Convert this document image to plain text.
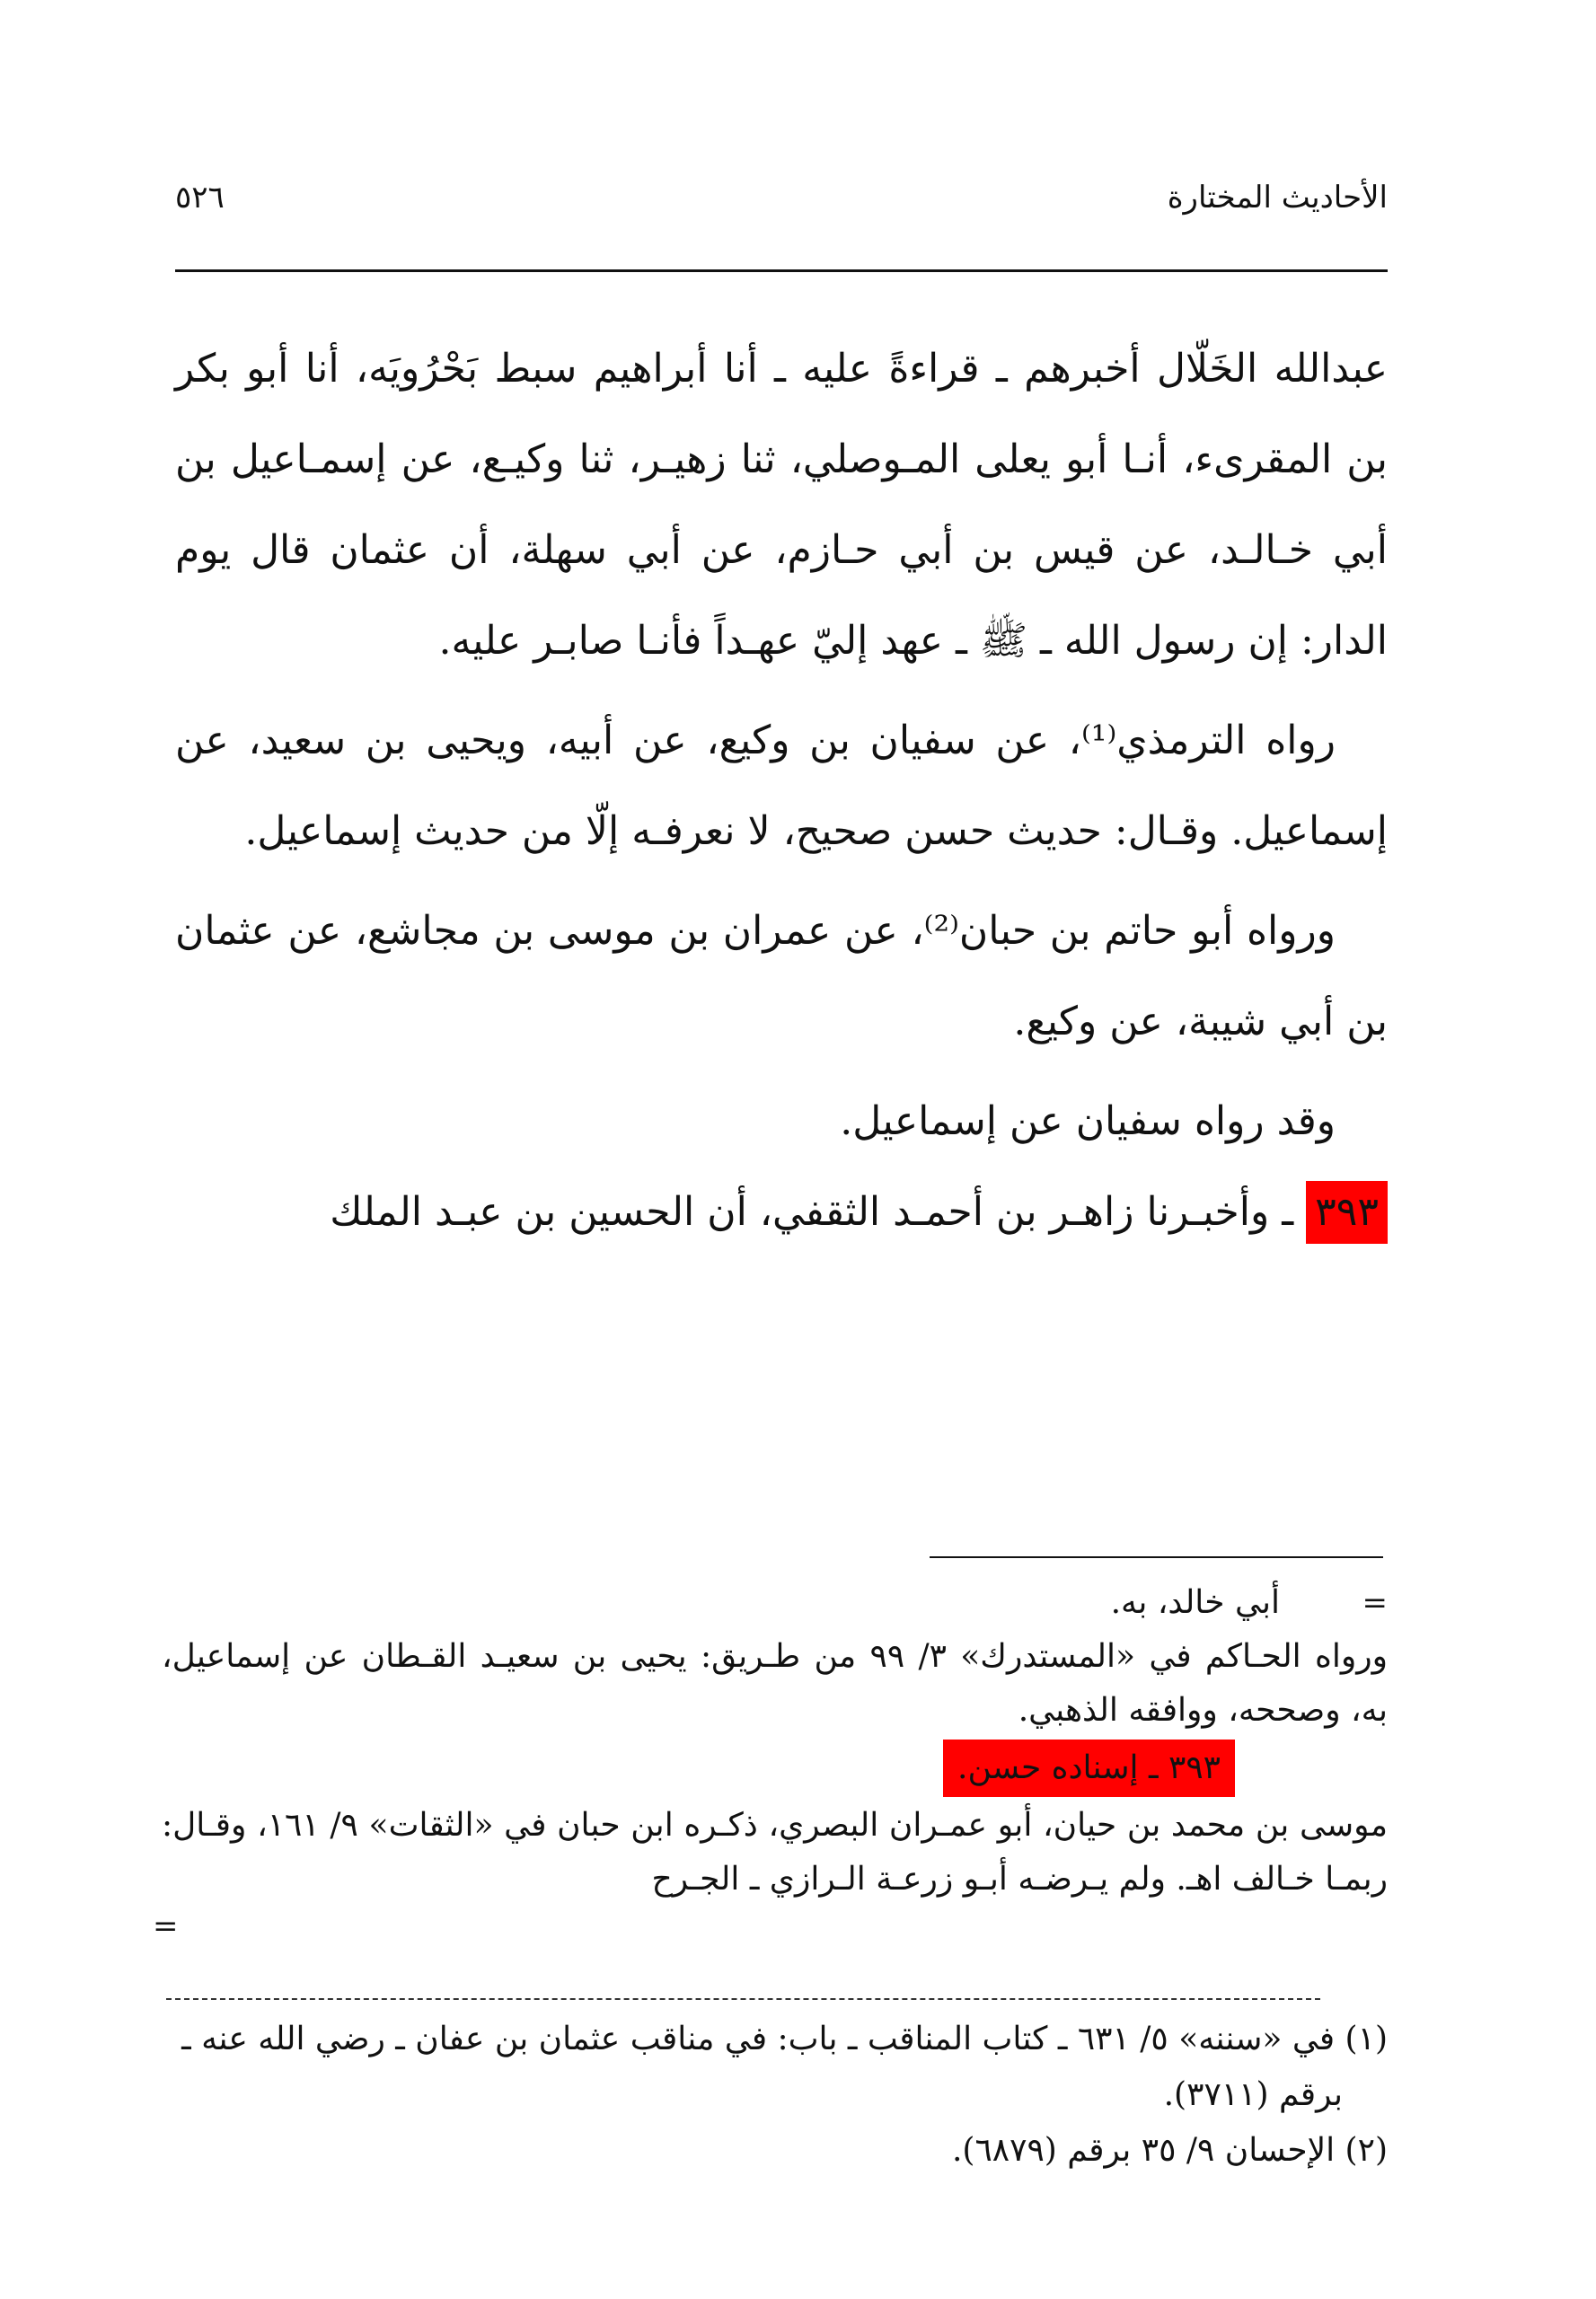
الأحاديث المختارة
٥٢٦

عبدالله الخَلّال أخبرهم ـ قراءةً عليه ـ أنا أبراهيم سبط بَحْرُويَه، أنا أبو بكر بن المقرىء، أنـا أبو يعلى المـوصلي، ثنا زهيـر، ثنا وكيـع، عن إسمـاعيل بن أبي خـالـد، عن قيس بن أبي حـازم، عن أبي سهلة، أن عثمان قال يوم الدار: إن رسول الله ـ ﷺ ـ عهد إليّ عهـداً فأنـا صابـر عليه.

رواه الترمذي⁽¹⁾، عن سفيان بن وكيع، عن أبيه، ويحيى بن سعيد، عن إسماعيل. وقـال: حديث حسن صحيح، لا نعرفـه إلّا من حديث إسماعيل.

ورواه أبو حاتم بن حبان⁽²⁾، عن عمران بن موسى بن مجاشع، عن عثمان بن أبي شيبة، عن وكيع.

وقد رواه سفيان عن إسماعيل.

٣٩٣ ـ وأخبـرنا زاهـر بن أحمـد الثقفي، أن الحسين بن عبـد الملك

=

أبي خالد، به.

ورواه الحـاكم في «المستدرك» ٣/ ٩٩ من طـريق: يحيى بن سعيـد القـطان عن إسماعيل، به، وصححه، ووافقه الذهبي.

٣٩٣ ـ إسناده حسن.

موسى بن محمد بن حيان، أبو عمـران البصري، ذكـره ابن حبان في «الثقات» ٩/ ١٦١، وقـال: ربمـا خـالف اهـ. ولم يـرضـه أبـو زرعـة الـرازي ـ الجـرح

=

(١) في «سننه» ٥/ ٦٣١ ـ كتاب المناقب ـ باب: في مناقب عثمان بن عفان ـ رضي الله عنه ـ

برقم (٣٧١١).

(٢) الإحسان ٩/ ٣٥ برقم (٦٨٧٩).
